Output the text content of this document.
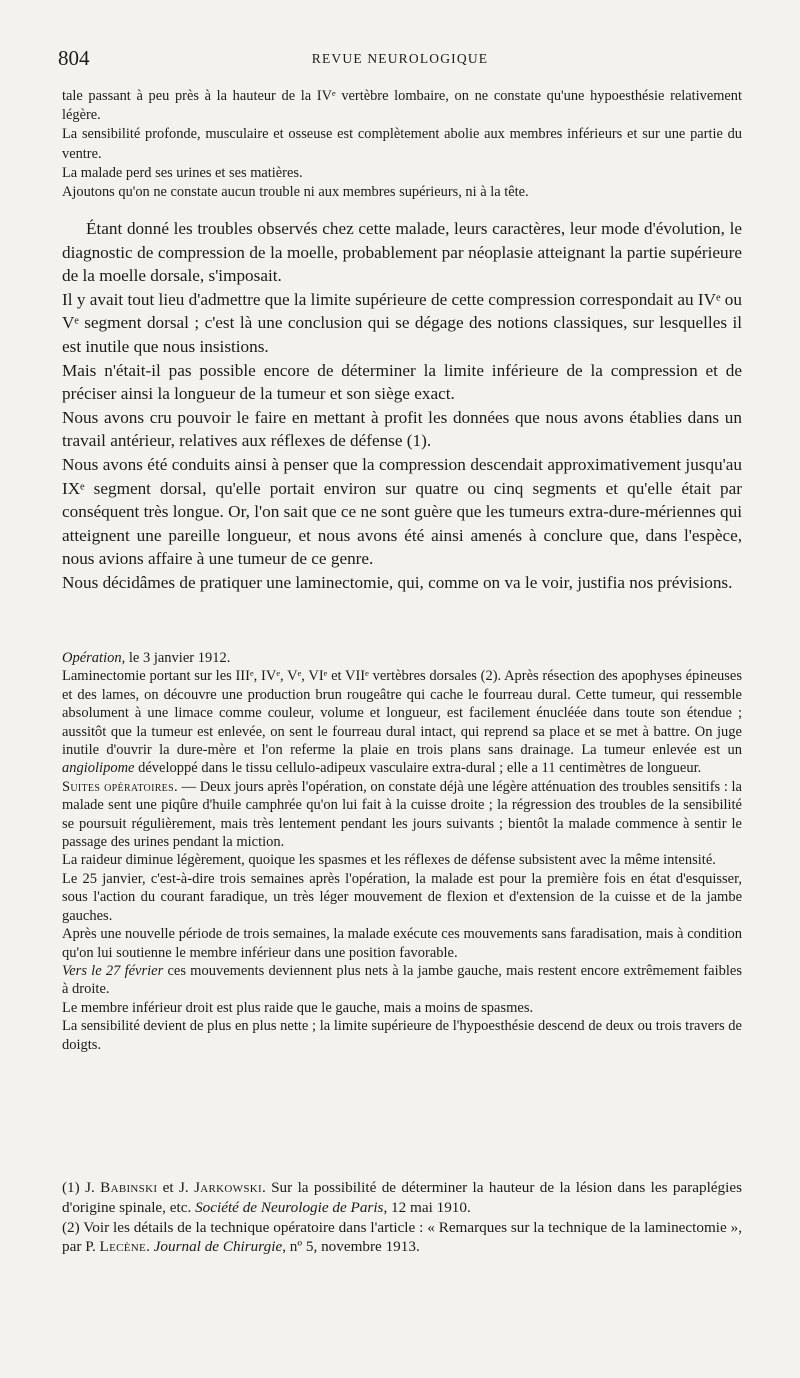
804	REVUE NEUROLOGIQUE

tale passant à peu près à la hauteur de la IVᵉ vertèbre lombaire, on ne constate qu'une hypoesthésie relativement légère.

La sensibilité profonde, musculaire et osseuse est complètement abolie aux membres inférieurs et sur une partie du ventre.

La malade perd ses urines et ses matières.

Ajoutons qu'on ne constate aucun trouble ni aux membres supérieurs, ni à la tête.

Étant donné les troubles observés chez cette malade, leurs caractères, leur mode d'évolution, le diagnostic de compression de la moelle, probablement par néoplasie atteignant la partie supérieure de la moelle dorsale, s'imposait.

Il y avait tout lieu d'admettre que la limite supérieure de cette compression correspondait au IVᵉ ou Vᵉ segment dorsal ; c'est là une conclusion qui se dégage des notions classiques, sur lesquelles il est inutile que nous insistions.

Mais n'était-il pas possible encore de déterminer la limite inférieure de la compression et de préciser ainsi la longueur de la tumeur et son siège exact.

Nous avons cru pouvoir le faire en mettant à profit les données que nous avons établies dans un travail antérieur, relatives aux réflexes de défense (1).

Nous avons été conduits ainsi à penser que la compression descendait approximativement jusqu'au IXᵉ segment dorsal, qu'elle portait environ sur quatre ou cinq segments et qu'elle était par conséquent très longue. Or, l'on sait que ce ne sont guère que les tumeurs extra-dure-mériennes qui atteignent une pareille longueur, et nous avons été ainsi amenés à conclure que, dans l'espèce, nous avions affaire à une tumeur de ce genre.

Nous décidâmes de pratiquer une laminectomie, qui, comme on va le voir, justifia nos prévisions.

Opération, le 3 janvier 1912.

Laminectomie portant sur les IIIᵉ, IVᵉ, Vᵉ, VIᵉ et VIIᵉ vertèbres dorsales (2). Après résection des apophyses épineuses et des lames, on découvre une production brun rougeâtre qui cache le fourreau dural. Cette tumeur, qui ressemble absolument à une limace comme couleur, volume et longueur, est facilement énucléée dans toute son étendue ; aussitôt que la tumeur est enlevée, on sent le fourreau dural intact, qui reprend sa place et se met à battre. On juge inutile d'ouvrir la dure-mère et l'on referme la plaie en trois plans sans drainage. La tumeur enlevée est un angiolipome développé dans le tissu cellulo-adipeux vasculaire extra-dural ; elle a 11 centimètres de longueur.

Suites opératoires. — Deux jours après l'opération, on constate déjà une légère atténuation des troubles sensitifs : la malade sent une piqûre d'huile camphrée qu'on lui fait à la cuisse droite ; la régression des troubles de la sensibilité se poursuit régulièrement, mais très lentement pendant les jours suivants ; bientôt la malade commence à sentir le passage des urines pendant la miction.

La raideur diminue légèrement, quoique les spasmes et les réflexes de défense subsistent avec la même intensité.

Le 25 janvier, c'est-à-dire trois semaines après l'opération, la malade est pour la première fois en état d'esquisser, sous l'action du courant faradique, un très léger mouvement de flexion et d'extension de la cuisse et de la jambe gauches.

Après une nouvelle période de trois semaines, la malade exécute ces mouvements sans faradisation, mais à condition qu'on lui soutienne le membre inférieur dans une position favorable.

Vers le 27 février ces mouvements deviennent plus nets à la jambe gauche, mais restent encore extrêmement faibles à droite.

Le membre inférieur droit est plus raide que le gauche, mais a moins de spasmes.

La sensibilité devient de plus en plus nette ; la limite supérieure de l'hypoesthésie descend de deux ou trois travers de doigts.

(1) J. Babinski et J. Jarkowski. Sur la possibilité de déterminer la hauteur de la lésion dans les paraplégies d'origine spinale, etc. Société de Neurologie de Paris, 12 mai 1910.

(2) Voir les détails de la technique opératoire dans l'article : « Remarques sur la technique de la laminectomie », par P. Lecène. Journal de Chirurgie, nº 5, novembre 1913.
